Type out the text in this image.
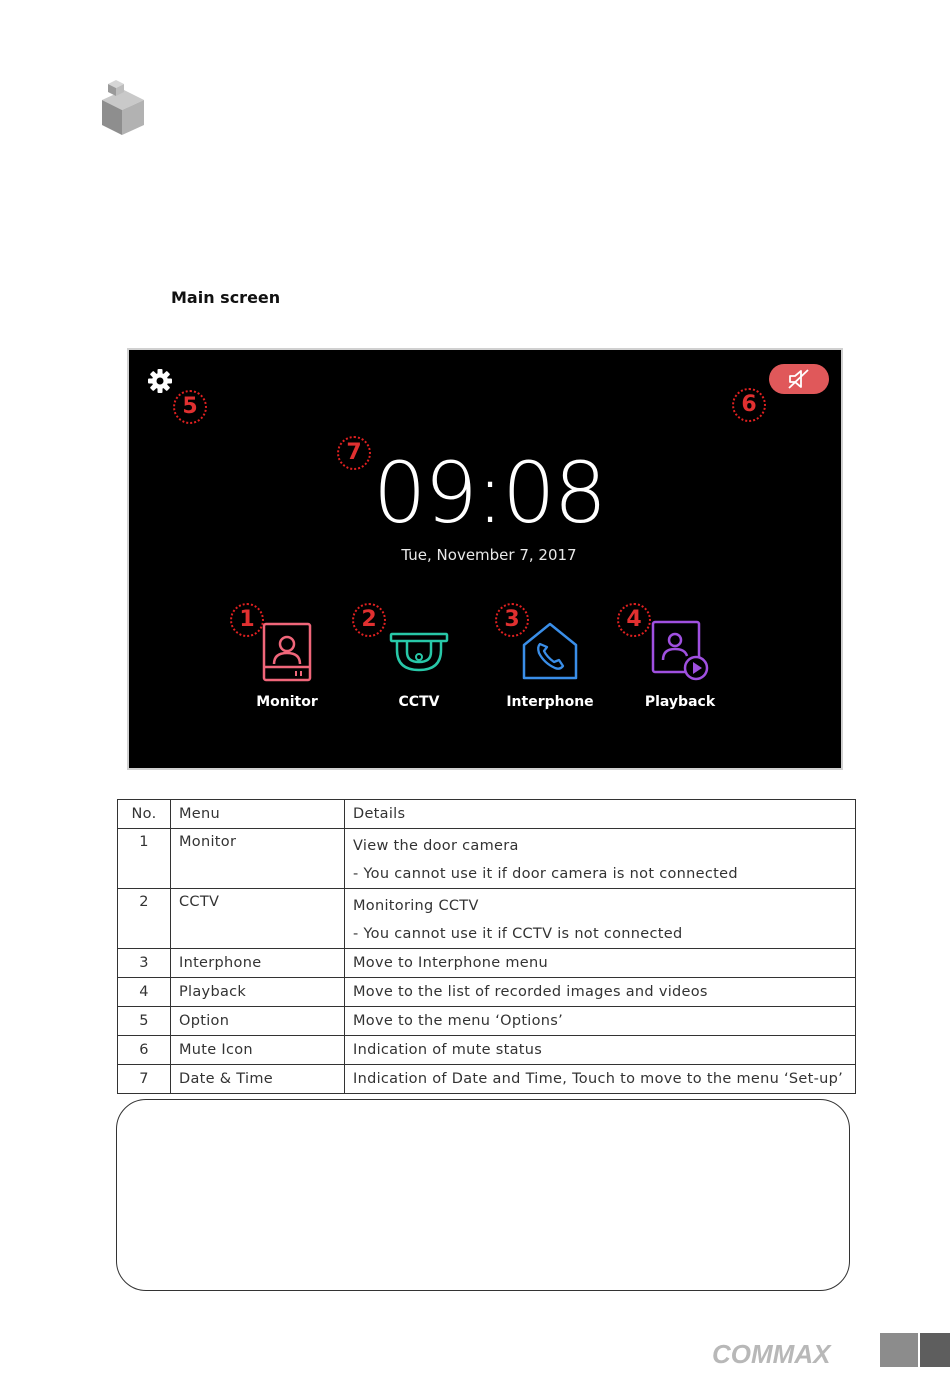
Main screen
5	6
7 09:08
Tue, November 7, 2017
1	2	3	4
Monitor	CCTV	Interphone	Playback
No.	Menu	Details
1	Monitor	View the door camera
- You cannot use it if door camera is not connected

2	CCTV	Monitoring CCTV
- You cannot use it if CCTV is not connected

3	Interphone	Move to Interphone menu
4	Playback	Move to the list of recorded images and videos
5	Option	Move to the menu ‘Options’
6	Mute Icon	Indication of mute status
7	Date & Time	Indication of Date and Time, Touch to move to the menu ‘Set-up’
COMMAX
